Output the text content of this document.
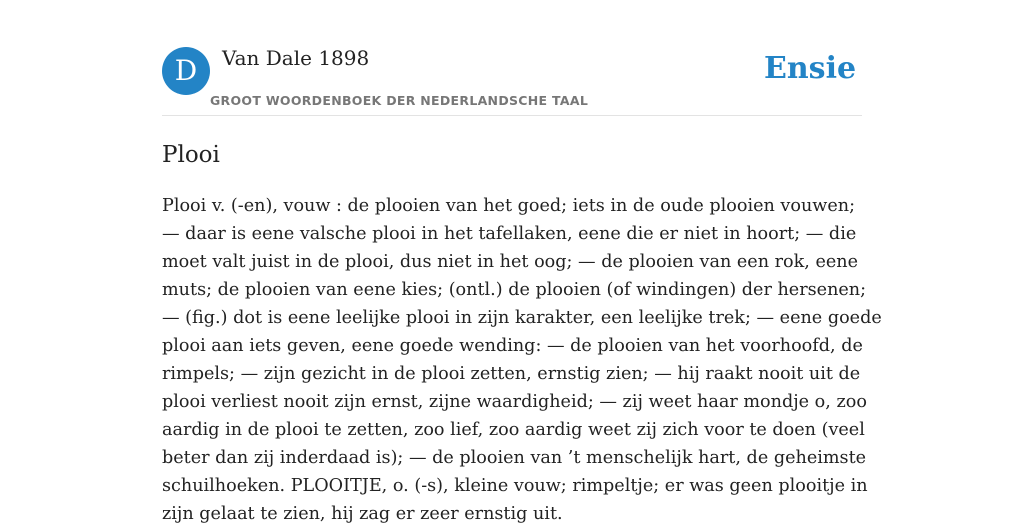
D	Van Dale 1898
GROOT WOORDENBOEK DER NEDERLANDSCHE TAAL
Ensie
Plooi

Plooi v. (-en), vouw : de plooien van het goed; iets in de oude plooien vouwen;
— daar is eene valsche plooi in het tafellaken, eene die er niet in hoort; — die
moet valt juist in de plooi, dus niet in het oog; — de plooien van een rok, eene
muts; de plooien van eene kies; (ontl.) de plooien (of windingen) der hersenen;
— (fig.) dot is eene leelijke plooi in zijn karakter, een leelijke trek; — eene goede
plooi aan iets geven, eene goede wending: — de plooien van het voorhoofd, de
rimpels; — zijn gezicht in de plooi zetten, ernstig zien; — hij raakt nooit uit de
plooi verliest nooit zijn ernst, zijne waardigheid; — zij weet haar mondje o, zoo
aardig in de plooi te zetten, zoo lief, zoo aardig weet zij zich voor te doen (veel
beter dan zij inderdaad is); — de plooien van ’t menschelijk hart, de geheimste
schuilhoeken. PLOOITJE, o. (-s), kleine vouw; rimpeltje; er was geen plooitje in
zijn gelaat te zien, hij zag er zeer ernstig uit.
